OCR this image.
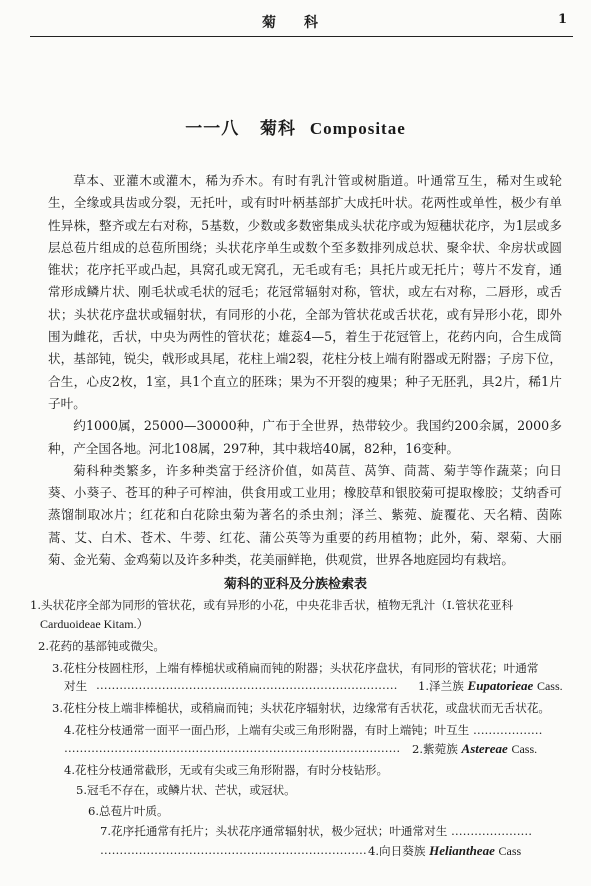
菊科	1
一一八 菊科 Compositae

草本、亚灌木或灌木，稀为乔木。有时有乳汁管或树脂道。叶通常互生，稀对生或轮生，全缘或具齿或分裂，无托叶，或有时叶柄基部扩大成托叶状。花两性或单性，极少有单性异株，整齐或左右对称，5基数，少数或多数密集成头状花序或为短穗状花序，为1层或多层总苞片组成的总苞所围绕；头状花序单生或数个至多数排列成总状、聚伞状、伞房状或圆锥状；花序托平或凸起，具窝孔或无窝孔，无毛或有毛；具托片或无托片；萼片不发育，通常形成鳞片状、刚毛状或毛状的冠毛；花冠常辐射对称，管状，或左右对称，二唇形，或舌状；头状花序盘状或辐射状，有同形的小花，全部为管状花或舌状花，或有异形小花，即外围为雌花，舌状，中央为两性的管状花；雄蕊4—5，着生于花冠管上，花药内向，合生成筒状，基部钝，锐尖，戟形或具尾，花柱上端2裂，花柱分枝上端有附器或无附器；子房下位，合生，心皮2枚，1室，具1个直立的胚珠；果为不开裂的瘦果；种子无胚乳，具2片，稀1片子叶。

约1000属，25000—30000种，广布于全世界，热带较少。我国约200余属，2000多种，产全国各地。河北108属，297种，其中栽培40属，82种，16变种。

菊科种类繁多，许多种类富于经济价值，如莴苣、莴笋、茼蒿、菊芋等作蔬菜；向日葵、小葵子、苍耳的种子可榨油，供食用或工业用；橡胶草和银胶菊可提取橡胶；艾纳香可蒸馏制取冰片；红花和白花除虫菊为著名的杀虫剂；泽兰、紫菀、旋覆花、天名精、茵陈蒿、艾、白术、苍术、牛蒡、红花、蒲公英等为重要的药用植物；此外，菊、翠菊、大丽菊、金光菊、金鸡菊以及许多种类，花美丽鲜艳，供观赏，世界各地庭园均有栽培。

菊科的亚科及分族检索表
1.头状花序全部为同形的管状花，或有异形的小花，中央花非舌状，植物无乳汁（I.管状花亚科
Carduoideae Kitam.）
2.花药的基部钝或微尖。
3.花柱分枝圆柱形，上端有棒槌状或稍扁而钝的附器；头状花序盘状，有同形的管状花；叶通常
对生 …………………………………………………………………… 1.泽兰族 Eupatorieae Cass.
3.花柱分枝上端非棒槌状，或稍扁而钝；头状花序辐射状，边缘常有舌状花，或盘状而无舌状花。
4.花柱分枝通常一面平一面凸形，上端有尖或三角形附器，有时上端钝；叶互生 ………………
…………………………………………………………………………… 2.紫菀族 Astereae Cass.
4.花柱分枝通常截形，无或有尖或三角形附器，有时分枝钻形。
5.冠毛不存在，或鳞片状、芒状，或冠状。
6.总苞片叶质。
7.花序托通常有托片；头状花序通常辐射状，极少冠状；叶通常对生 …………………
…………………………………………………………… 4.向日葵族 Heliantheae Cass
